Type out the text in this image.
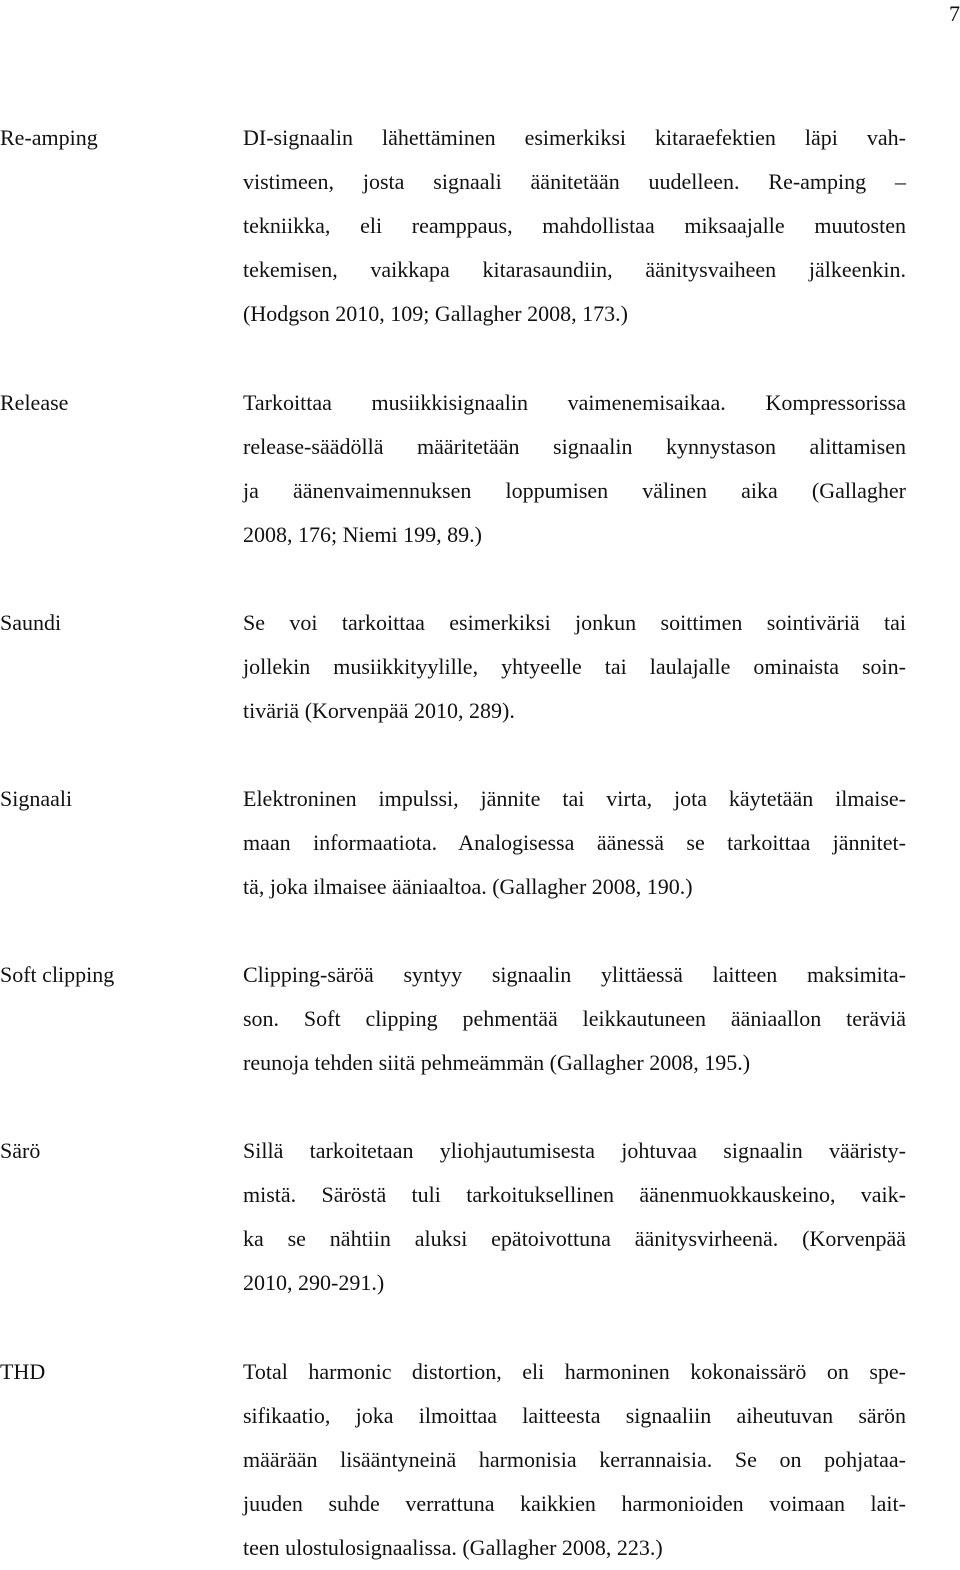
7
Re-amping	DI-signaalin lähettäminen esimerkiksi kitaraefektien läpi vah-
vistimeen, josta signaali äänitetään uudelleen. Re-amping –
tekniikka, eli reamppaus, mahdollistaa miksaajalle muutosten
tekemisen, vaikkapa kitarasaundiin, äänitysvaiheen jälkeenkin.
(Hodgson 2010, 109; Gallagher 2008, 173.)
Release	Tarkoittaa musiikkisignaalin vaimenemisaikaa. Kompressorissa
release-säädöllä määritetään signaalin kynnystason alittamisen
ja äänenvaimennuksen loppumisen välinen aika (Gallagher
2008, 176; Niemi 199, 89.)
Saundi	Se voi tarkoittaa esimerkiksi jonkun soittimen sointiväriä tai
jollekin musiikkityylille, yhtyeelle tai laulajalle ominaista soin-
tiväriä (Korvenpää 2010, 289).
Signaali	Elektroninen impulssi, jännite tai virta, jota käytetään ilmaise-
maan informaatiota. Analogisessa äänessä se tarkoittaa jännitet-
tä, joka ilmaisee ääniaaltoa. (Gallagher 2008, 190.)
Soft clipping	Clipping-säröä syntyy signaalin ylittäessä laitteen maksimita-
son. Soft clipping pehmentää leikkautuneen ääniaallon teräviä
reunoja tehden siitä pehmeämmän (Gallagher 2008, 195.)
Särö	Sillä tarkoitetaan yliohjautumisesta johtuvaa signaalin vääristy-
mistä. Säröstä tuli tarkoituksellinen äänenmuokkauskeino, vaik-
ka se nähtiin aluksi epätoivottuna äänitysvirheenä. (Korvenpää
2010, 290-291.)
THD	Total harmonic distortion, eli harmoninen kokonaissärö on spe-
sifikaatio, joka ilmoittaa laitteesta signaaliin aiheutuvan särön
määrään lisääntyneinä harmonisia kerrannaisia. Se on pohjataa-
juuden suhde verrattuna kaikkien harmonioiden voimaan lait-
teen ulostulosignaalissa. (Gallagher 2008, 223.)
